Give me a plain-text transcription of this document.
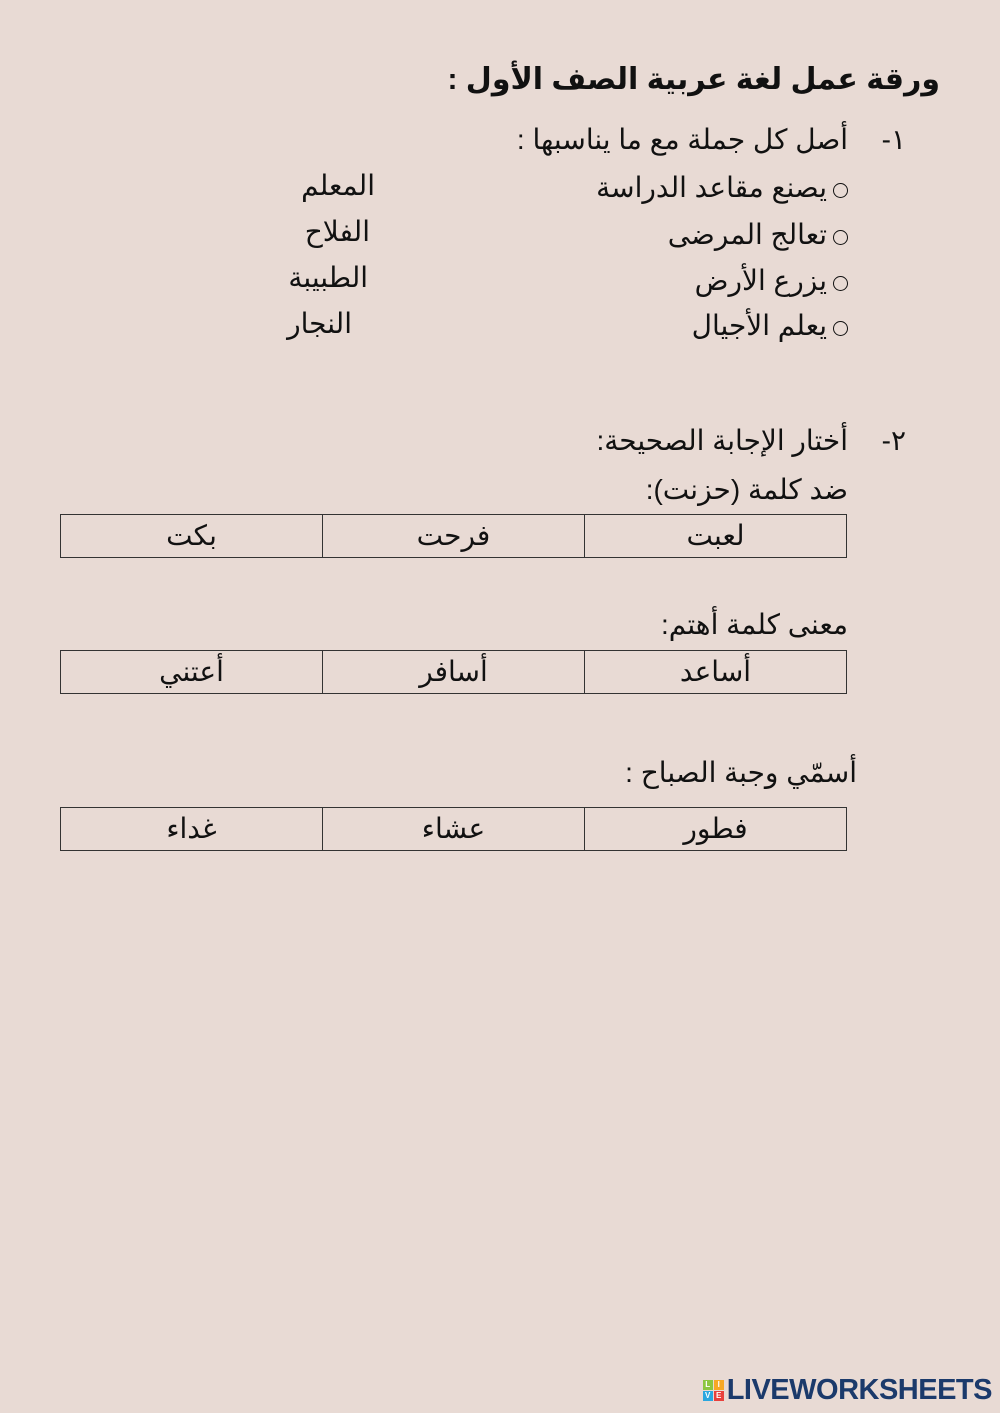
ورقة عمل لغة عربية الصف الأول :
١-
أصل كل جملة مع ما يناسبها :
يصنع مقاعد الدراسة
تعالج المرضى
يزرع الأرض
يعلم الأجيال
المعلم
الفلاح
الطبيبة
النجار
٢-
أختار الإجابة الصحيحة:
ضد كلمة (حزنت):
لعبت	فرحت	بكت
معنى كلمة أهتم:
أساعد	أسافر	أعتني
أسمّي وجبة الصباح :
فطور	عشاء	غداء
L I
V E LIVEWORKSHEETS
